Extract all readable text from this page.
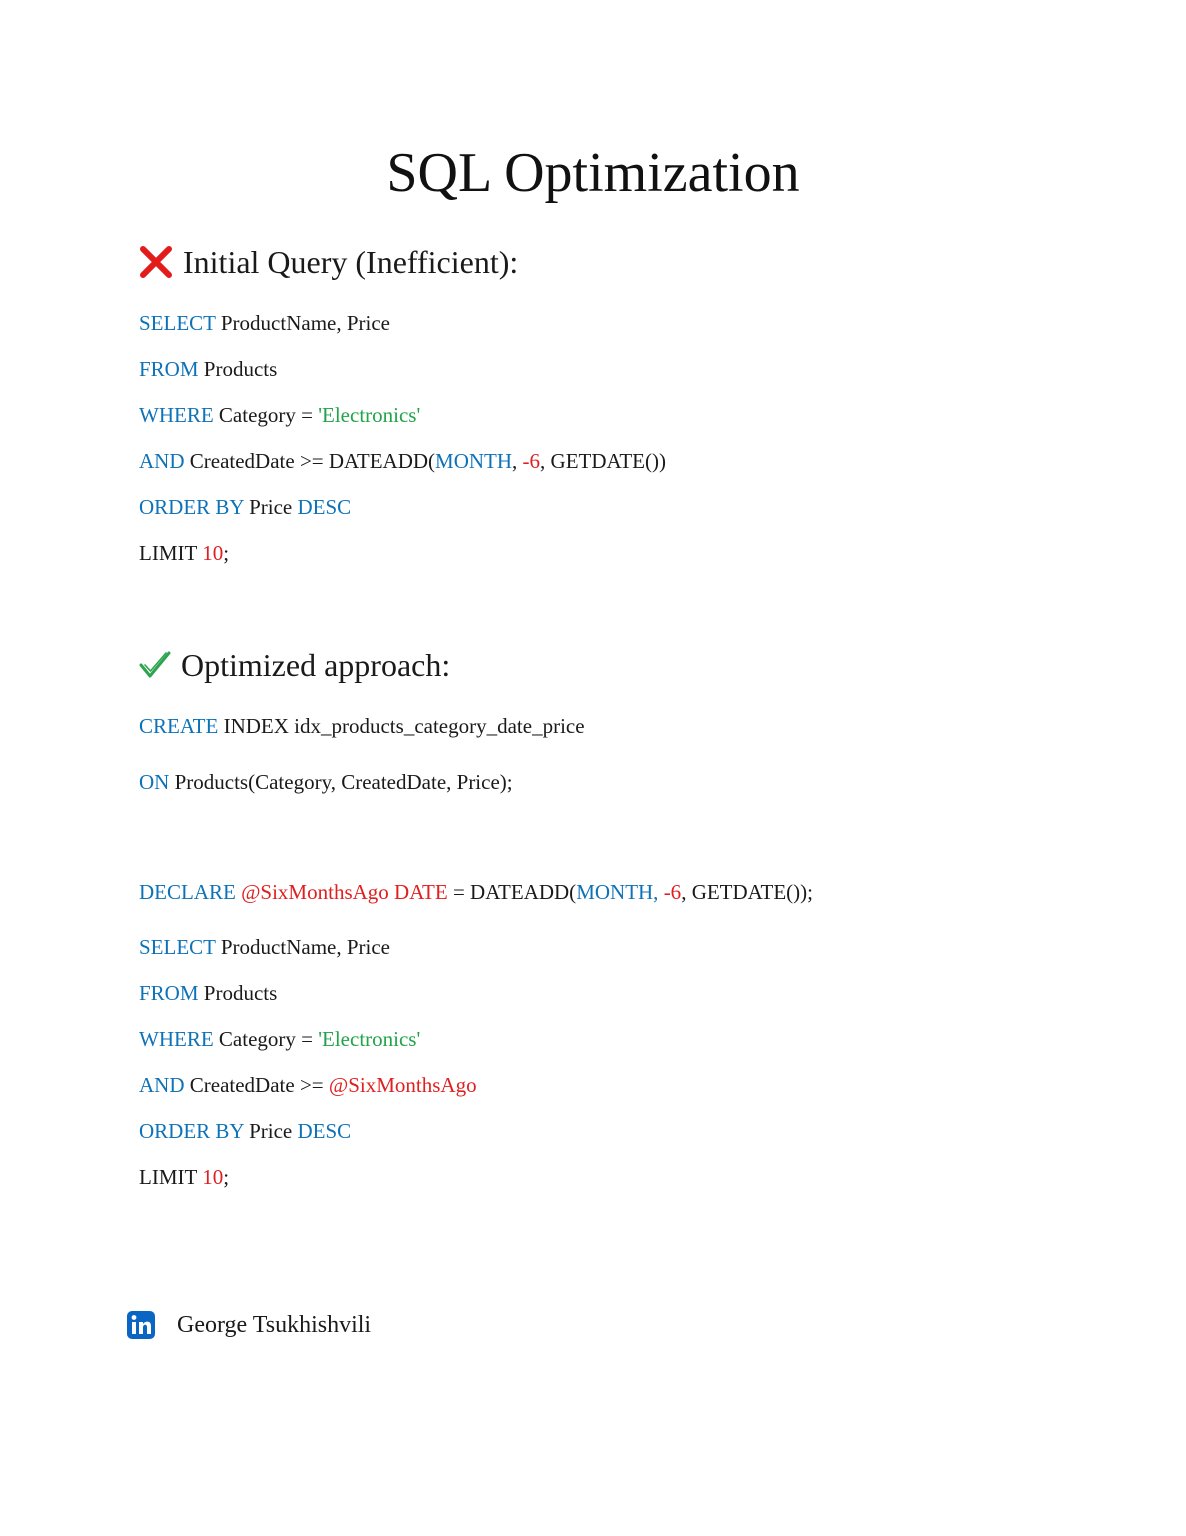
SQL Optimization
Initial Query (Inefficient):
SELECT ProductName, Price
FROM Products
WHERE Category = 'Electronics'
AND CreatedDate >= DATEADD(MONTH, -6, GETDATE())
ORDER BY Price DESC
LIMIT 10;
Optimized approach:
CREATE INDEX idx_products_category_date_price
ON Products(Category, CreatedDate, Price);
DECLARE @SixMonthsAgo DATE = DATEADD(MONTH, -6, GETDATE());
SELECT ProductName, Price
FROM Products
WHERE Category = 'Electronics'
AND CreatedDate >= @SixMonthsAgo
ORDER BY Price DESC
LIMIT 10;
George Tsukhishvili
